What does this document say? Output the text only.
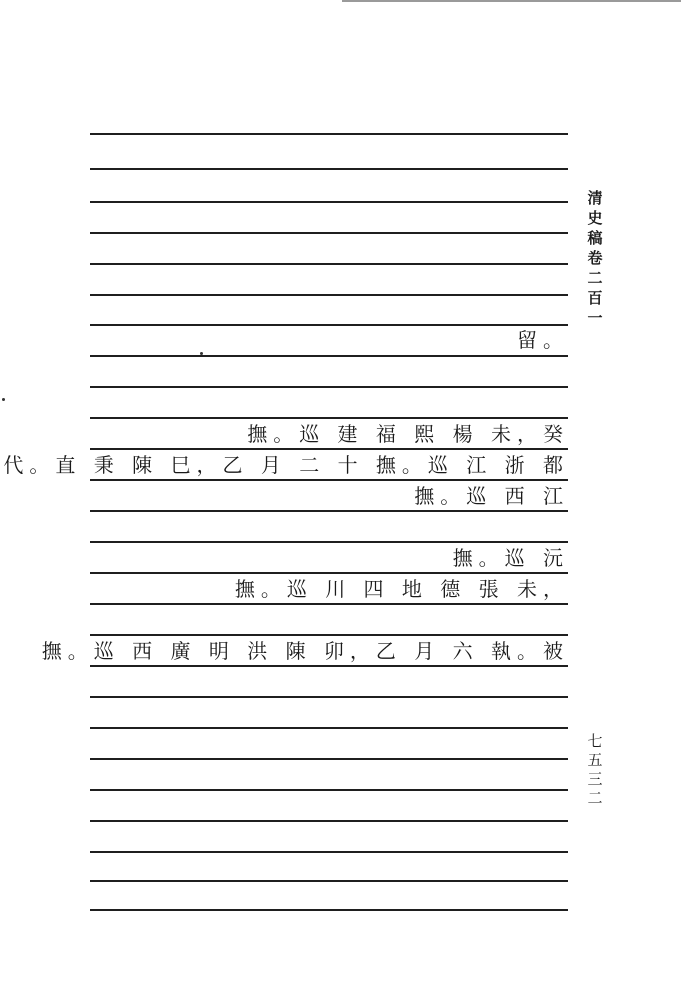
留。
撫。巡 建 福 熙 楊 未，癸
代。直 秉 陳 巳，乙 月 二 十 撫。巡 江 浙 都
撫。巡 西 江
撫。巡 沅
撫。巡 川 四 地 德 張 未，
撫。巡 西 廣 明 洪 陳 卯，乙 月 六 執。被
清史稿卷二百一
七五三二
